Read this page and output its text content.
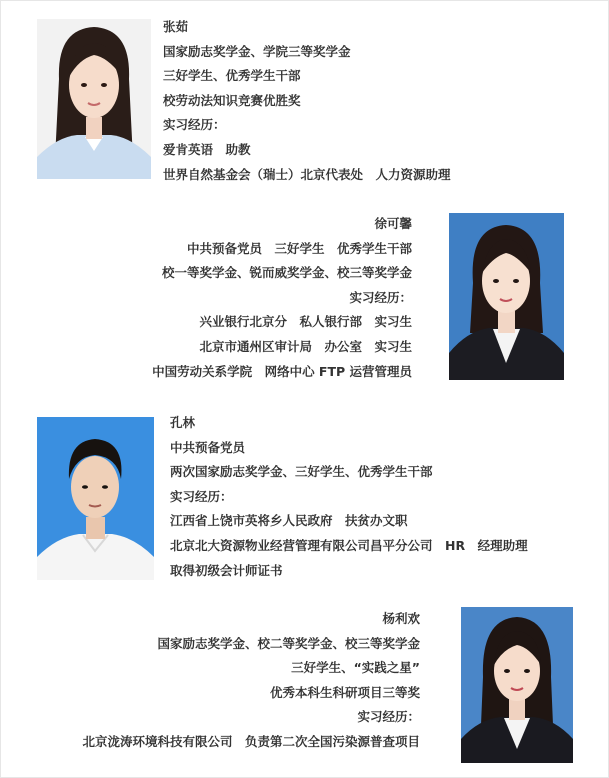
张茹
国家励志奖学金、学院三等奖学金
三好学生、优秀学生干部
校劳动法知识竞赛优胜奖
实习经历：
爱肯英语　助教
世界自然基金会（瑞士）北京代表处　人力资源助理
徐可馨
中共预备党员　三好学生　优秀学生干部
校一等奖学金、锐而威奖学金、校三等奖学金
实习经历：
兴业银行北京分　私人银行部　实习生
北京市通州区审计局　办公室　实习生
中国劳动关系学院　网络中心 FTP 运营管理员
孔林
中共预备党员
两次国家励志奖学金、三好学生、优秀学生干部
实习经历：
江西省上饶市英将乡人民政府　扶贫办文职
北京北大资源物业经营管理有限公司昌平分公司　HR　经理助理
取得初级会计师证书
杨利欢
国家励志奖学金、校二等奖学金、校三等奖学金
三好学生、“实践之星”
优秀本科生科研项目三等奖
实习经历：
北京泷涛环境科技有限公司　负责第二次全国污染源普查项目
